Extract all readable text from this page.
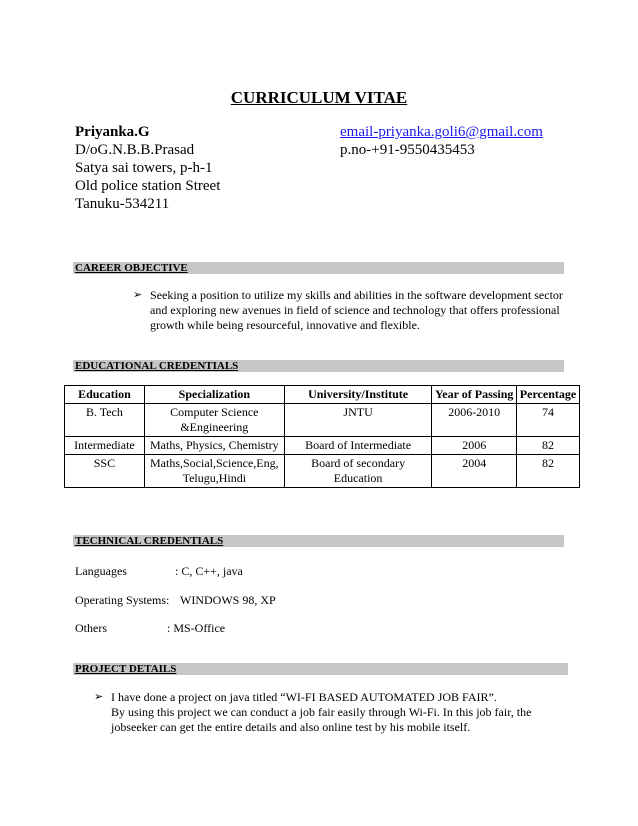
CURRICULUM VITAE
Priyanka.G
D/oG.N.B.B.Prasad
Satya sai towers, p-h-1
Old police station Street
Tanuku-534211
email-priyanka.goli6@gmail.com
p.no-+91-9550435453
CAREER OBJECTIVE
➢ Seeking a position to utilize my skills and abilities in the software development sector and exploring new avenues in field of science and technology that offers professional growth while being resourceful, innovative and flexible.
EDUCATIONAL CREDENTIALS
Education	Specialization	University/Institute	Year of Passing	Percentage
B. Tech	Computer Science &Engineering	JNTU	2006-2010	74
Intermediate	Maths, Physics, Chemistry	Board of Intermediate	2006	82
SSC	Maths,Social,Science,Eng, Telugu,Hindi	Board of secondary Education	2004	82
TECHNICAL CREDENTIALS
Languages	: C, C++, java
Operating Systems: WINDOWS 98, XP
Others	: MS-Office
PROJECT DETAILS
➢ I have done a project on java titled “WI-FI BASED AUTOMATED JOB FAIR”.
By using this project we can conduct a job fair easily through Wi-Fi. In this job fair, the jobseeker can get the entire details and also online test by his mobile itself.
